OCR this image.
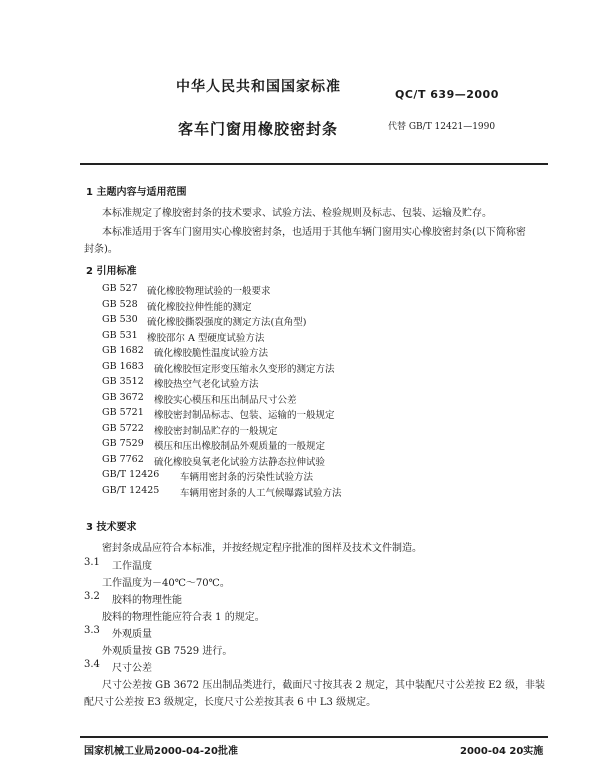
中华人民共和国国家标准	QC/T 639—2000
客车门窗用橡胶密封条	代替 GB/T 12421—1990
1 主题内容与适用范围
本标准规定了橡胶密封条的技术要求、试验方法、检验规则及标志、包装、运输及贮存。
本标准适用于客车门窗用实心橡胶密封条，也适用于其他车辆门窗用实心橡胶密封条(以下简称密
封条)。
2 引用标准
GB 527 硫化橡胶物理试验的一般要求
GB 528 硫化橡胶拉伸性能的测定
GB 530 硫化橡胶撕裂强度的测定方法(直角型)
GB 531 橡胶邵尔 A 型硬度试验方法
GB 1682 硫化橡胶脆性温度试验方法
GB 1683 硫化橡胶恒定形变压缩永久变形的测定方法
GB 3512 橡胶热空气老化试验方法
GB 3672 橡胶实心模压和压出制品尺寸公差
GB 5721 橡胶密封制品标志、包装、运输的一般规定
GB 5722 橡胶密封制品贮存的一般规定
GB 7529 模压和压出橡胶制品外观质量的一般规定
GB 7762 硫化橡胶臭氧老化试验方法静态拉伸试验
GB/T 12426 车辆用密封条的污染性试验方法
GB/T 12425 车辆用密封条的人工气候曝露试验方法
3 技术要求
密封条成品应符合本标准，并按经规定程序批准的图样及技术文件制造。
3.1 工作温度
工作温度为－40℃～70℃。
3.2 胶料的物理性能
胶料的物理性能应符合表 1 的规定。
3.3 外观质量
外观质量按 GB 7529 进行。
3.4 尺寸公差
尺寸公差按 GB 3672 压出制品类进行，截面尺寸按其表 2 规定，其中装配尺寸公差按 E2 级，非装
配尺寸公差按 E3 级规定，长度尺寸公差按其表 6 中 L3 级规定。
国家机械工业局2000-04-20批准	2000-04 20实施
